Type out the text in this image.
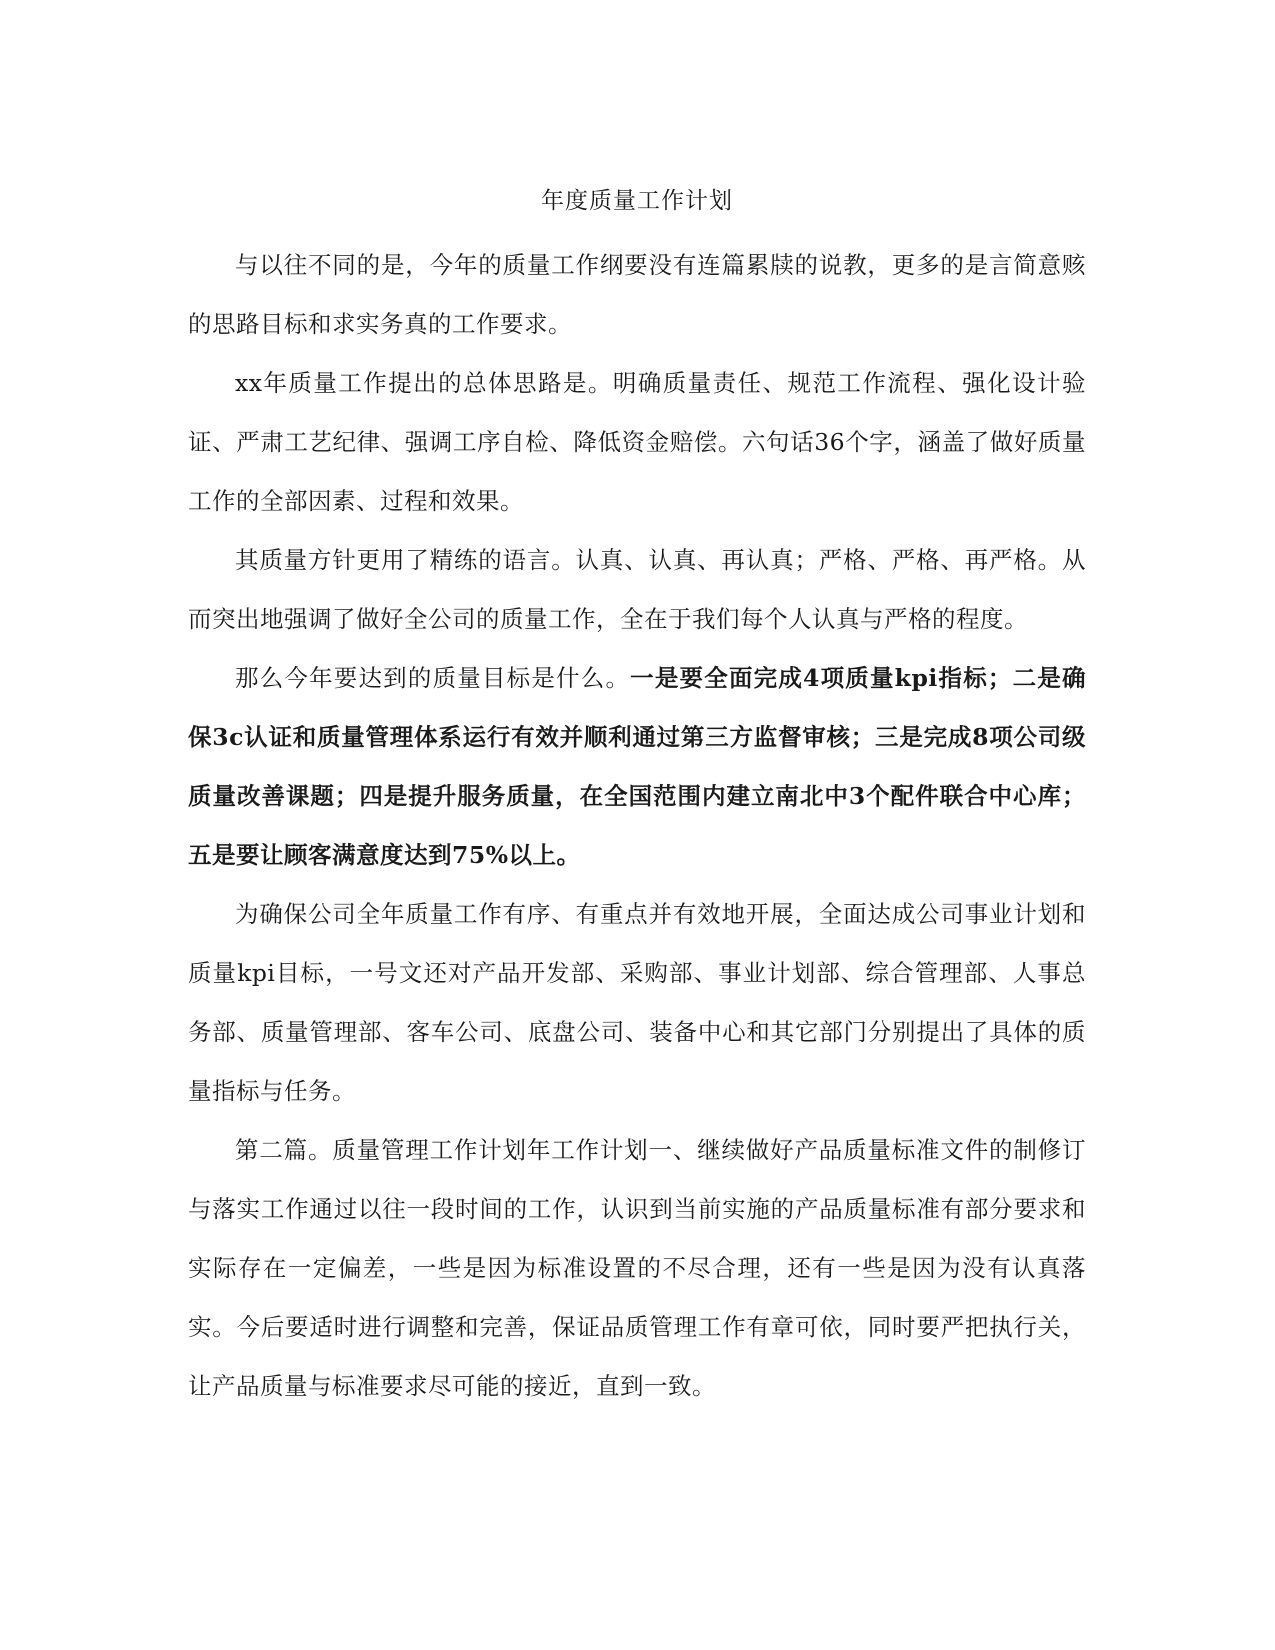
年度质量工作计划

与以往不同的是，今年的质量工作纲要没有连篇累牍的说教，更多的是言简意赅的思路目标和求实务真的工作要求。

xx年质量工作提出的总体思路是。明确质量责任、规范工作流程、强化设计验证、严肃工艺纪律、强调工序自检、降低资金赔偿。六句话36个字，涵盖了做好质量工作的全部因素、过程和效果。

其质量方针更用了精练的语言。认真、认真、再认真；严格、严格、再严格。从而突出地强调了做好全公司的质量工作，全在于我们每个人认真与严格的程度。

那么今年要达到的质量目标是什么。一是要全面完成4项质量kpi指标；二是确保3c认证和质量管理体系运行有效并顺利通过第三方监督审核；三是完成8项公司级质量改善课题；四是提升服务质量，在全国范围内建立南北中3个配件联合中心库；五是要让顾客满意度达到75%以上。

为确保公司全年质量工作有序、有重点并有效地开展，全面达成公司事业计划和质量kpi目标，一号文还对产品开发部、采购部、事业计划部、综合管理部、人事总务部、质量管理部、客车公司、底盘公司、装备中心和其它部门分别提出了具体的质量指标与任务。

第二篇。质量管理工作计划年工作计划一、继续做好产品质量标准文件的制修订与落实工作通过以往一段时间的工作，认识到当前实施的产品质量标准有部分要求和实际存在一定偏差，一些是因为标准设置的不尽合理，还有一些是因为没有认真落实。今后要适时进行调整和完善，保证品质管理工作有章可依，同时要严把执行关，让产品质量与标准要求尽可能的接近，直到一致。
